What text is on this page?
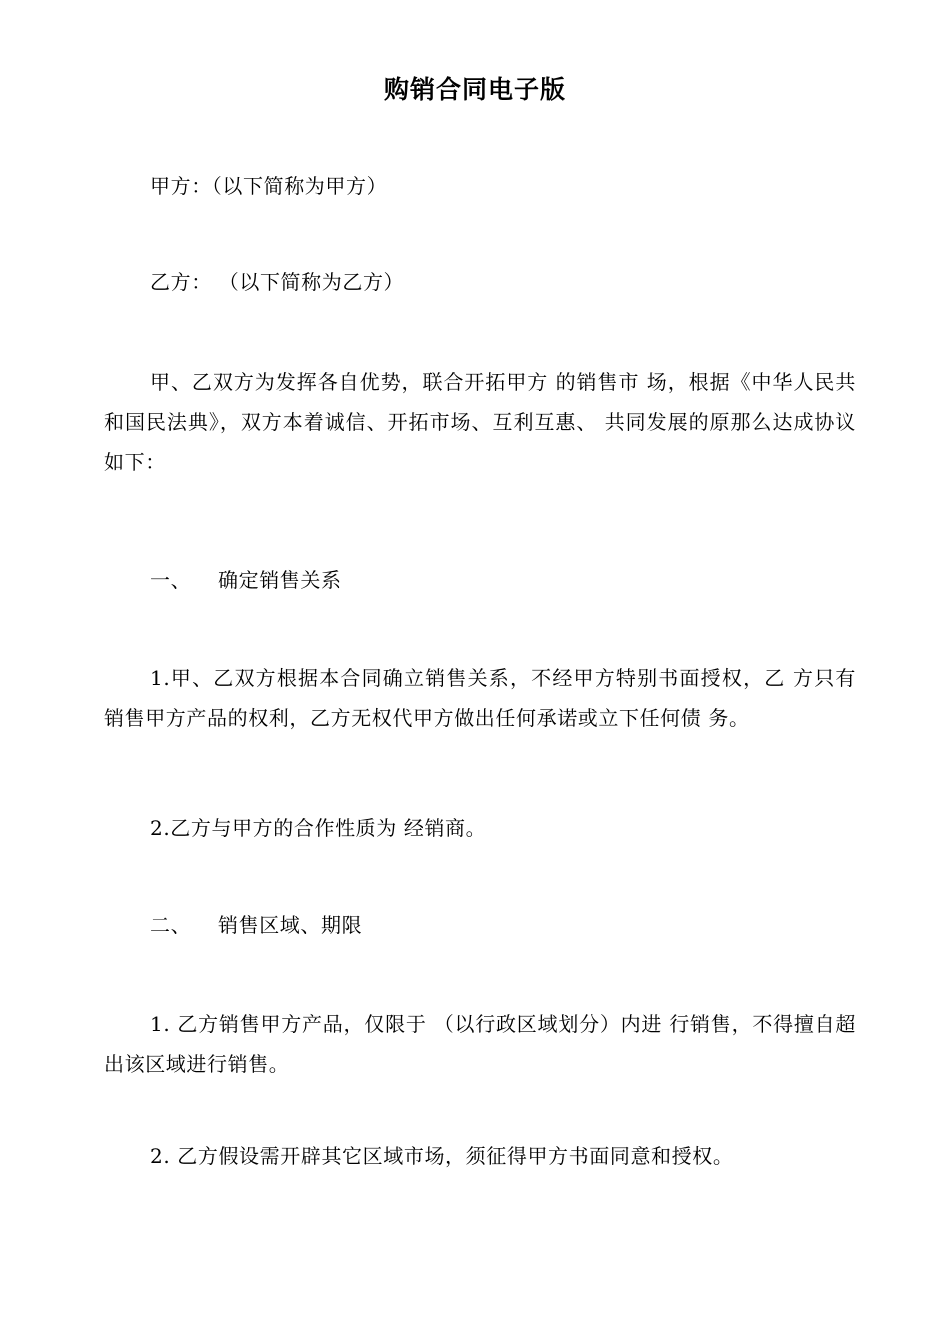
购销合同电子版
甲方：（以下简称为甲方）
乙方： （以下简称为乙方）
甲、乙双方为发挥各自优势，联合开拓甲方 的销售市 场，根据《中华人民共和国民法典》，双方本着诚信、开拓市场、互利互惠、 共同发展的原那么达成协议如下：
一、 确定销售关系
1.甲、乙双方根据本合同确立销售关系，不经甲方特别书面授权，乙 方只有销售甲方产品的权利，乙方无权代甲方做出任何承诺或立下任何债 务。
2.乙方与甲方的合作性质为 经销商。
二、 销售区域、期限
1. 乙方销售甲方产品，仅限于 （以行政区域划分）内进 行销售，不得擅自超出该区域进行销售。
2. 乙方假设需开辟其它区域市场，须征得甲方书面同意和授权。
